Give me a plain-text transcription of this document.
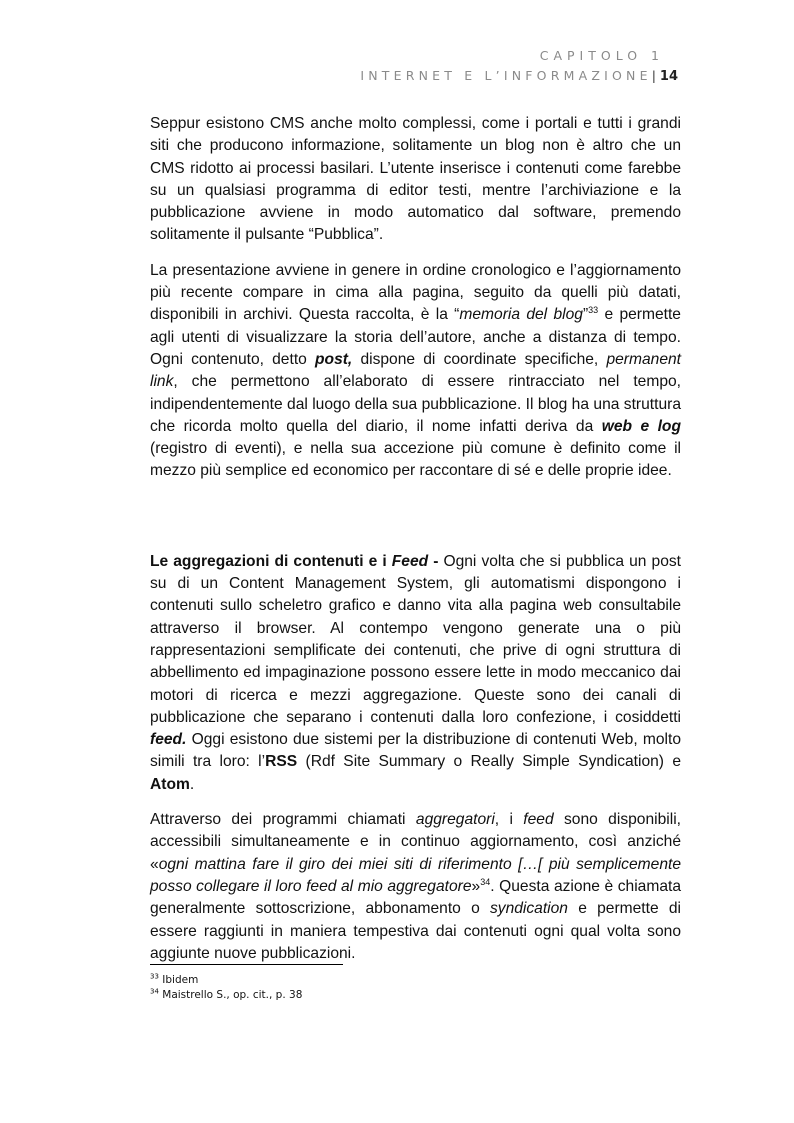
CAPITOLO 1
INTERNET E L’INFORMAZIONE| 14

Seppur esistono CMS anche molto complessi, come i portali e tutti i grandi siti che producono informazione, solitamente un blog non è altro che un CMS ridotto ai processi basilari. L’utente inserisce i contenuti come farebbe su un qualsiasi programma di editor testi, mentre l’archiviazione e la pubblicazione avviene in modo automatico dal software, premendo solitamente il pulsante “Pubblica”.

La presentazione avviene in genere in ordine cronologico e l’aggiornamento più recente compare in cima alla pagina, seguito da quelli più datati, disponibili in archivi. Questa raccolta, è la “memoria del blog”$^{33}$ e permette agli utenti di visualizzare la storia dell’autore, anche a distanza di tempo. Ogni contenuto, detto post, dispone di coordinate specifiche, permanent link, che permettono all’elaborato di essere rintracciato nel tempo, indipendentemente dal luogo della sua pubblicazione. Il blog ha una struttura che ricorda molto quella del diario, il nome infatti deriva da web e log (registro di eventi), e nella sua accezione più comune è definito come il mezzo più semplice ed economico per raccontare di sé e delle proprie idee.

Le aggregazioni di contenuti e i Feed - Ogni volta che si pubblica un post su di un Content Management System, gli automatismi dispongono i contenuti sullo scheletro grafico e danno vita alla pagina web consultabile attraverso il browser. Al contempo vengono generate una o più rappresentazioni semplificate dei contenuti, che prive di ogni struttura di abbellimento ed impaginazione possono essere lette in modo meccanico dai motori di ricerca e mezzi aggregazione. Queste sono dei canali di pubblicazione che separano i contenuti dalla loro confezione, i cosiddetti feed. Oggi esistono due sistemi per la distribuzione di contenuti Web, molto simili tra loro: l’RSS (Rdf Site Summary o Really Simple Syndication) e Atom.

Attraverso dei programmi chiamati aggregatori, i feed sono disponibili, accessibili simultaneamente e in continuo aggiornamento, così anziché «ogni mattina fare il giro dei miei siti di riferimento […[ più semplicemente posso collegare il loro feed al mio aggregatore»$^{34}$. Questa azione è chiamata generalmente sottoscrizione, abbonamento o syndication e permette di essere raggiunti in maniera tempestiva dai contenuti ogni qual volta sono aggiunte nuove pubblicazioni.

$^{33}$ Ibidem
$^{34}$ Maistrello S., op. cit., p. 38
